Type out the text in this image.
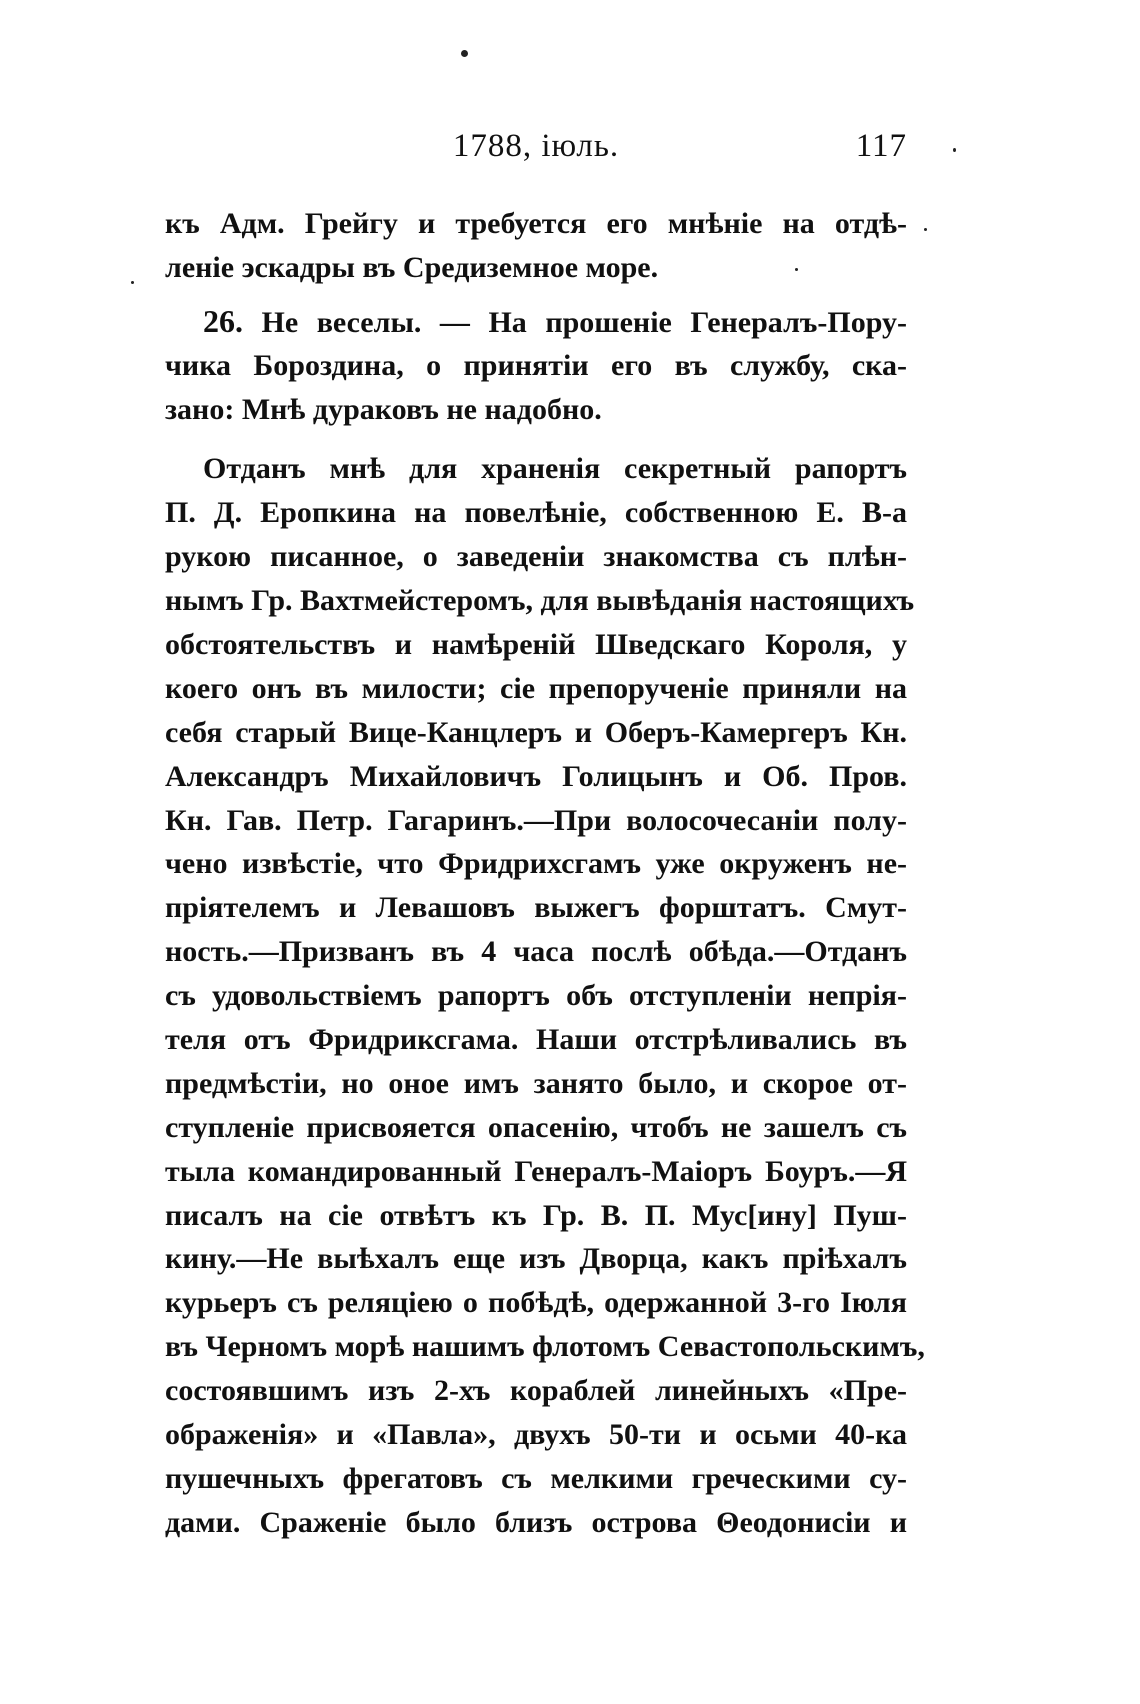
1788, іюль.	117
къ Адм. Грейгу и требуется его мнѣніе на отдѣ-
леніе эскадры въ Средиземное море.
26. Не веселы. — На прошеніе Генералъ-Пору-
чика Бороздина, о принятіи его въ службу, ска-
зано: Мнѣ дураковъ не надобно.
Отданъ мнѣ для храненія секретный рапортъ
П. Д. Еропкина на повелѣніе, собственною Е. В-а
рукою писанное, о заведеніи знакомства съ плѣн-
нымъ Гр. Вахтмейстеромъ, для вывѣданія настоящихъ
обстоятельствъ и намѣреній Шведскаго Короля, у
коего онъ въ милости; сіе препорученіе приняли на
себя старый Вице-Канцлеръ и Оберъ-Камергеръ Кн.
Александръ Михайловичъ Голицынъ и Об. Пров.
Кн. Гав. Петр. Гагаринъ.—При волосочесаніи полу-
чено извѣстіе, что Фридрихсгамъ уже окруженъ не-
пріятелемъ и Левашовъ выжегъ форштатъ. Смут-
ность.—Призванъ въ 4 часа послѣ обѣда.—Отданъ
съ удовольствіемъ рапортъ объ отступленіи непрія-
теля отъ Фридриксгама. Наши отстрѣливались въ
предмѣстіи, но оное имъ занято было, и скорое от-
ступленіе присвояется опасенію, чтобъ не зашелъ съ
тыла командированный Генералъ-Маіоръ Боуръ.—Я
писалъ на сіе отвѣтъ къ Гр. В. П. Мус[ину] Пуш-
кину.—Не выѣхалъ еще изъ Дворца, какъ пріѣхалъ
курьеръ съ реляціею о побѣдѣ, одержанной 3-го Іюля
въ Черномъ морѣ нашимъ флотомъ Севастопольскимъ,
состоявшимъ изъ 2-хъ кораблей линейныхъ «Пре-
ображенія» и «Павла», двухъ 50-ти и осьми 40-ка
пушечныхъ фрегатовъ съ мелкими греческими су-
дами. Сраженіе было близъ острова Θеодонисіи и
